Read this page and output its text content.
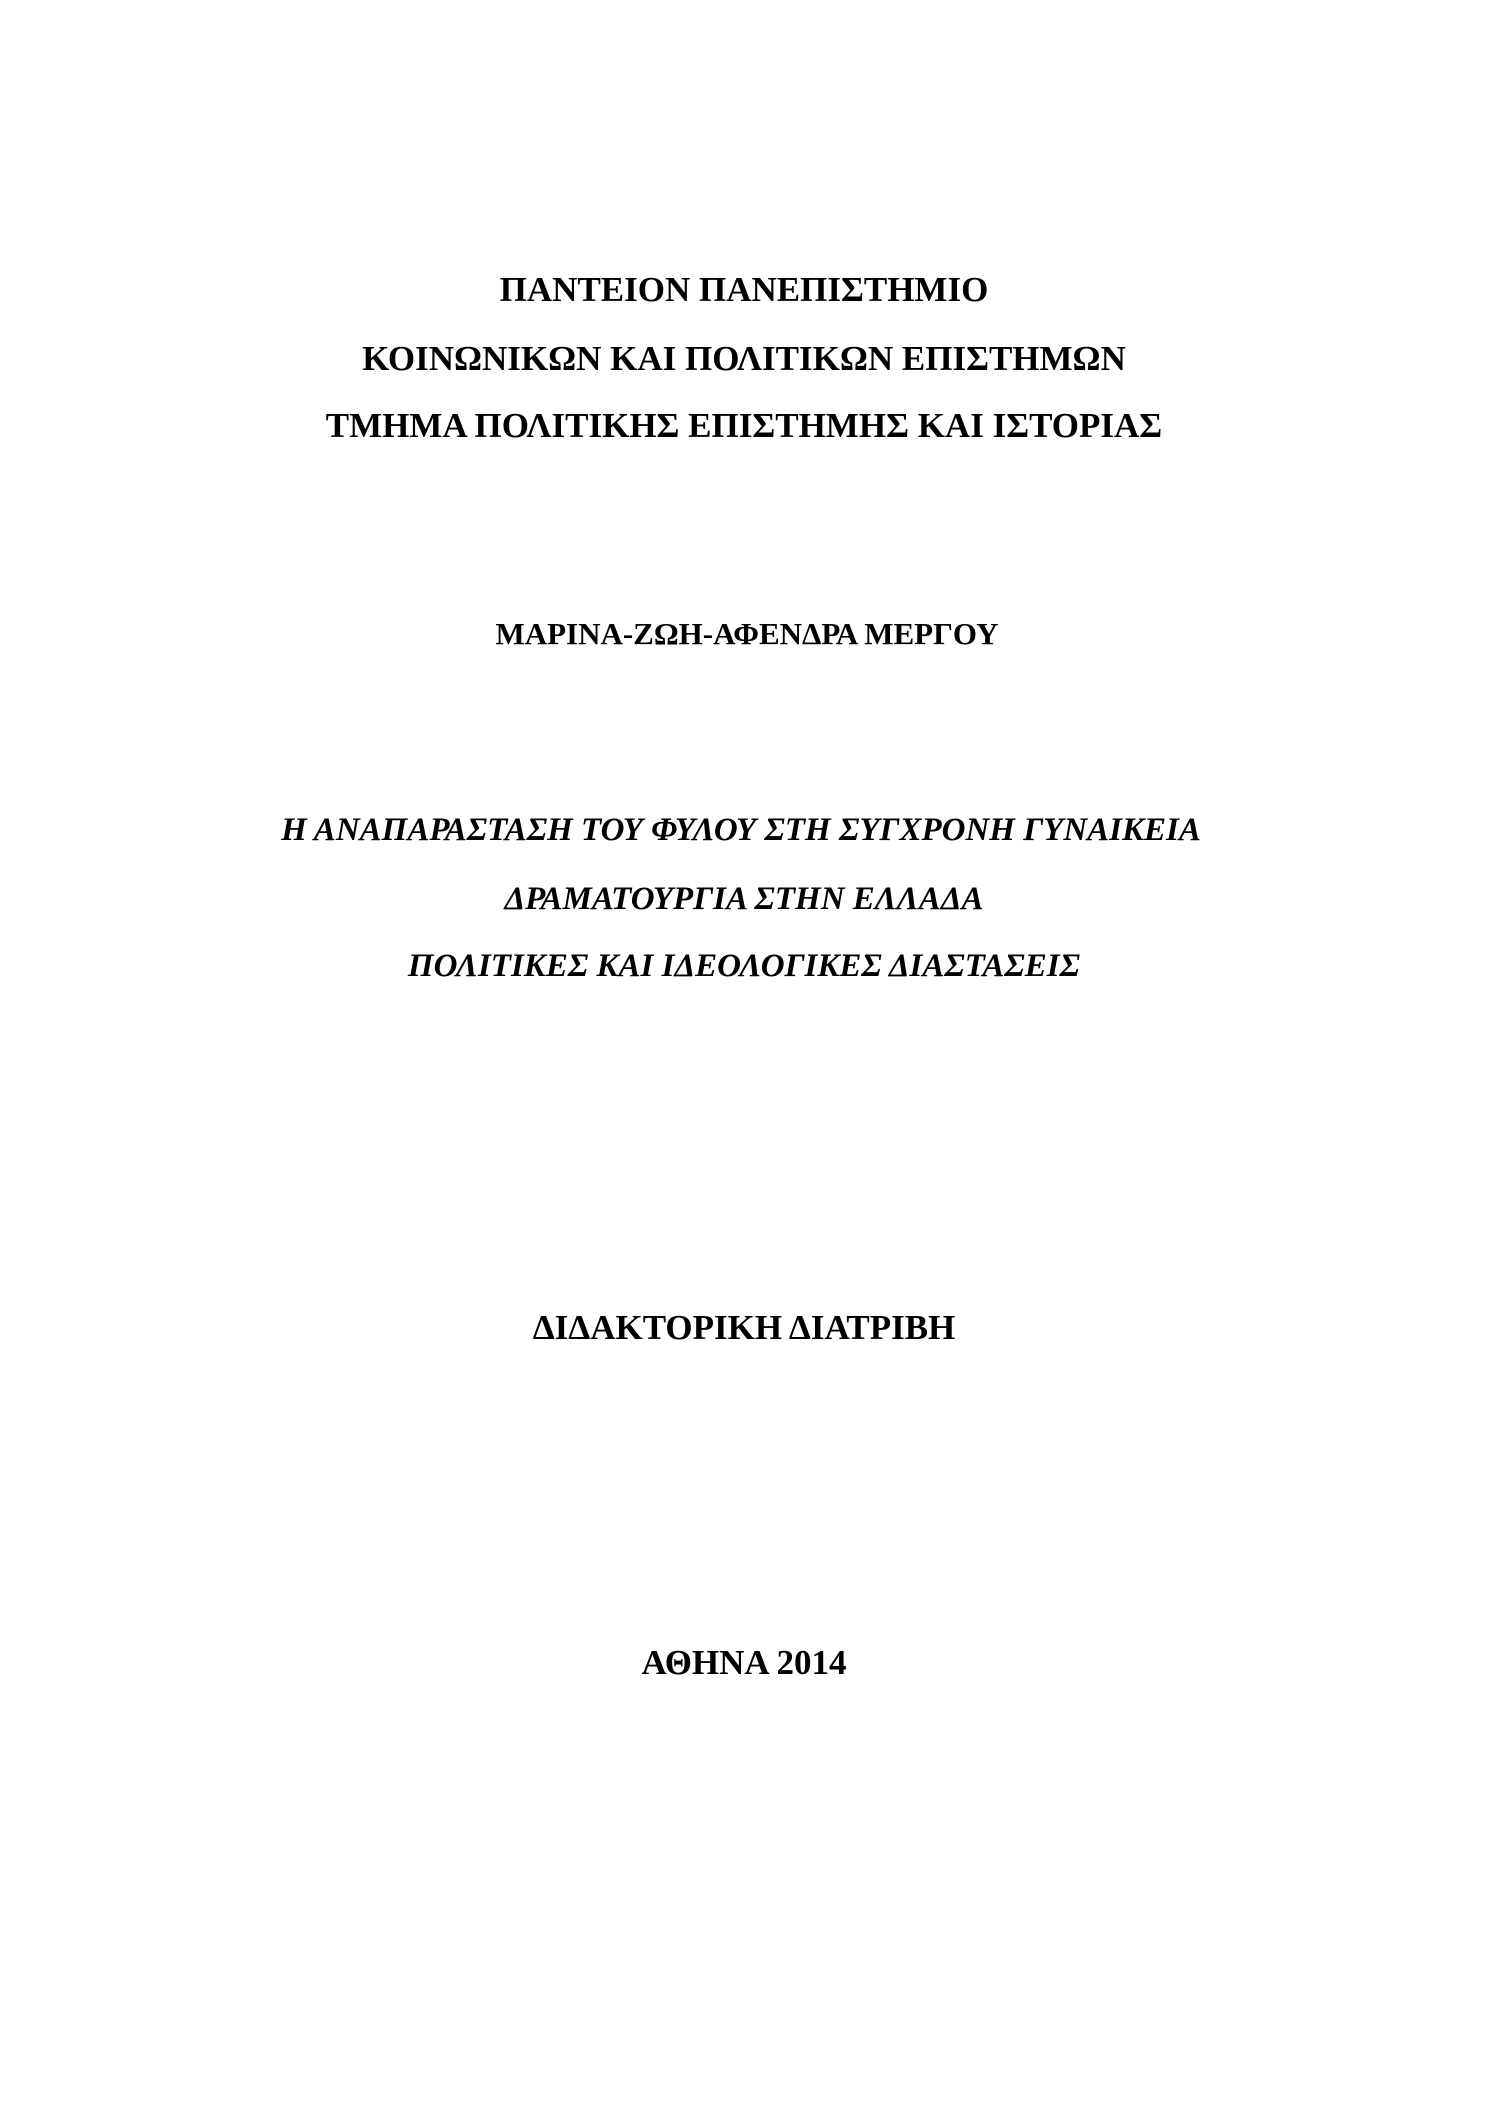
ΠΑΝΤΕΙΟΝ ΠΑΝΕΠΙΣΤΗΜΙΟ
ΚΟΙΝΩΝΙΚΩΝ ΚΑΙ ΠΟΛΙΤΙΚΩΝ ΕΠΙΣΤΗΜΩΝ
ΤΜΗΜΑ ΠΟΛΙΤΙΚΗΣ ΕΠΙΣΤΗΜΗΣ ΚΑΙ ΙΣΤΟΡΙΑΣ
ΜΑΡΙΝΑ-ΖΩΗ-ΑΦΕΝΔΡΑ ΜΕΡΓΟΥ
Η ΑΝΑΠΑΡΑΣΤΑΣΗ ΤΟΥ ΦΥΛΟΥ ΣΤΗ ΣΥΓΧΡΟΝΗ ΓΥΝΑΙΚΕΙΑ
ΔΡΑΜΑΤΟΥΡΓΙΑ ΣΤΗΝ ΕΛΛΑΔΑ
ΠΟΛΙΤΙΚΕΣ ΚΑΙ ΙΔΕΟΛΟΓΙΚΕΣ ΔΙΑΣΤΑΣΕΙΣ
ΔΙΔΑΚΤΟΡΙΚΗ ΔΙΑΤΡΙΒΗ
ΑΘΗΝΑ 2014
